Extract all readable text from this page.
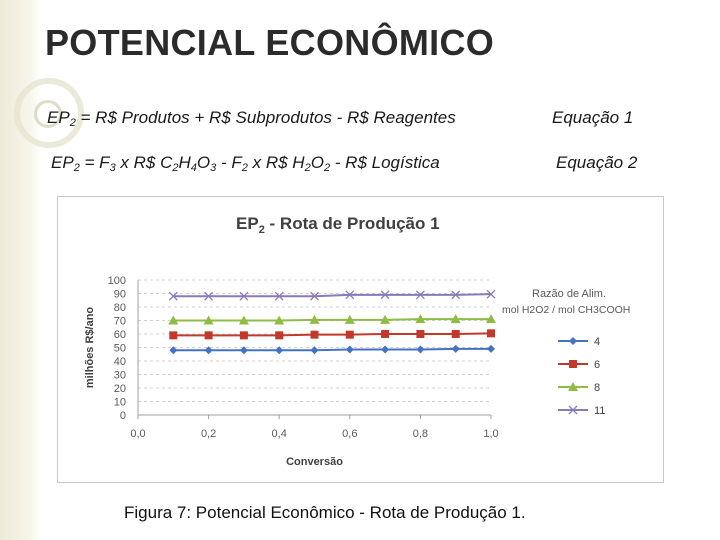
POTENCIAL ECONÔMICO
$EP_2$ = R$ Produtos + R$ Subprodutos - R$ Reagentes	Equação 1
$EP_2 = F_3$ x R$ $C_2H_4O_3 - F_2$ x R$ $H_2O_2$ - R$ Logística	Equação 2
$EP_2$ - Rota de Produção 1
0
10
20
30
40
50
60
70
80
90
100
0,0	0,2	0,4	0,6	0,8	1,0
Conversão
milhões R$/ano
Razão de Alim.
mol H2O2 / mol CH3COOH
4
6
8
11
Figura 7: Potencial Econômico - Rota de Produção 1.
